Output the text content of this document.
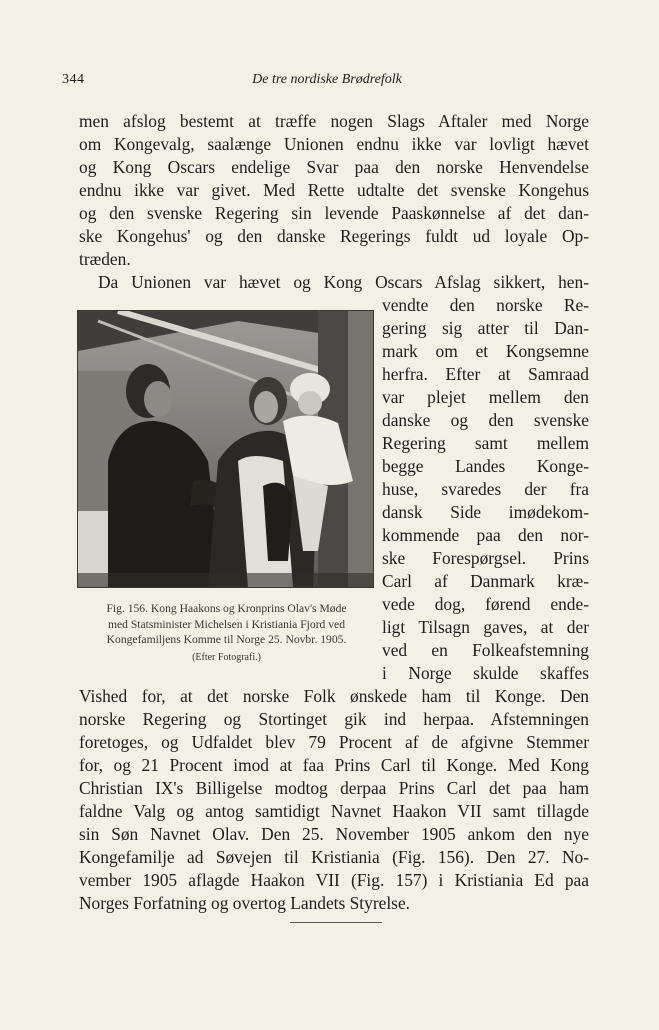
344	De tre nordiske Brødrefolk
men afslog bestemt at træffe nogen Slags Aftaler med Norge
om Kongevalg, saalænge Unionen endnu ikke var lovligt hævet
og Kong Oscars endelige Svar paa den norske Henvendelse
endnu ikke var givet. Med Rette udtalte det svenske Kongehus
og den svenske Regering sin levende Paaskønnelse af det dan-
ske Kongehus' og den danske Regerings fuldt ud loyale Op-
træden.
Da Unionen var hævet og Kong Oscars Afslag sikkert, hen-
vendte den norske Re-
gering sig atter til Dan-
mark om et Kongsemne
herfra. Efter at Samraad
var plejet mellem den
danske og den svenske
Regering samt mellem
begge Landes Konge-
huse, svaredes der fra
dansk Side imødekom-
kommende paa den nor-
ske Forespørgsel. Prins
Carl af Danmark kræ-
vede dog, førend ende-
ligt Tilsagn gaves, at der
ved en Folkeafstemning
i Norge skulde skaffes
Vished for, at det norske Folk ønskede ham til Konge. Den
norske Regering og Stortinget gik ind herpaa. Afstemningen
foretoges, og Udfaldet blev 79 Procent af de afgivne Stemmer
for, og 21 Procent imod at faa Prins Carl til Konge. Med Kong
Christian IX's Billigelse modtog derpaa Prins Carl det paa ham
faldne Valg og antog samtidigt Navnet Haakon VII samt tillagde
sin Søn Navnet Olav. Den 25. November 1905 ankom den nye
Kongefamilje ad Søvejen til Kristiania (Fig. 156). Den 27. No-
vember 1905 aflagde Haakon VII (Fig. 157) i Kristiania Ed paa
Norges Forfatning og overtog Landets Styrelse.
Fig. 156. Kong Haakons og Kronprins Olav's Møde
med Statsminister Michelsen i Kristiania Fjord ved
Kongefamiljens Komme til Norge 25. Novbr. 1905.
(Efter Fotografi.)
